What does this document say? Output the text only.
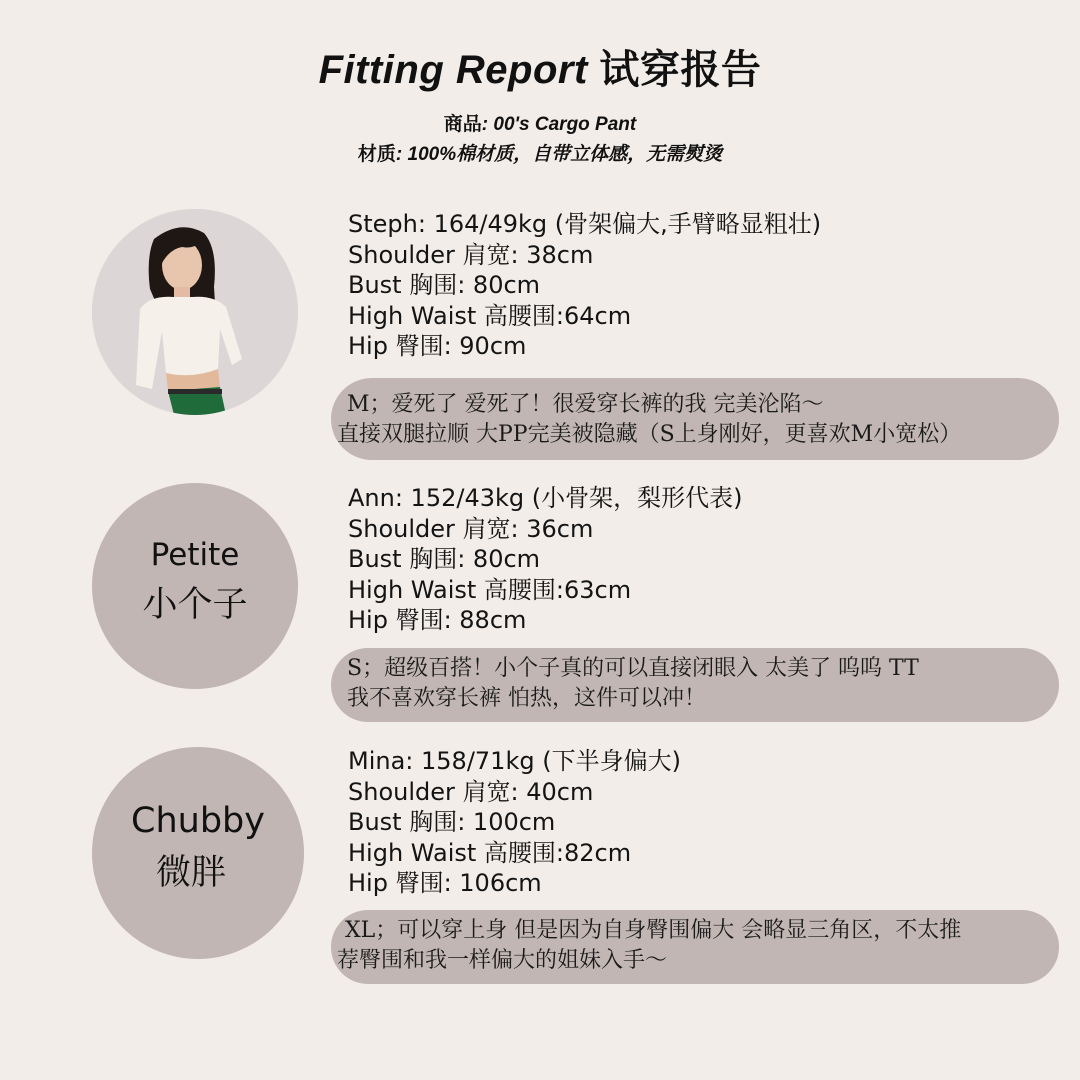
Fitting Report 试穿报告
商品: 00's Cargo Pant
材质: 100%棉材质，自带立体感，无需熨烫
Steph: 164/49kg (骨架偏大,手臂略显粗壮)
Shoulder 肩宽: 38cm
Bust 胸围: 80cm
High Waist 高腰围:64cm
Hip 臀围: 90cm
M；爱死了 爱死了！很爱穿长裤的我 完美沦陷～
直接双腿拉顺 大PP完美被隐藏（S上身刚好，更喜欢M小宽松）
Petite
小个子
Ann: 152/43kg (小骨架，梨形代表)
Shoulder 肩宽: 36cm
Bust 胸围: 80cm
High Waist 高腰围:63cm
Hip 臀围: 88cm
S；超级百搭！小个子真的可以直接闭眼入 太美了 呜呜 TT
我不喜欢穿长裤 怕热，这件可以冲！
Chubby
微胖
Mina: 158/71kg (下半身偏大)
Shoulder 肩宽: 40cm
Bust 胸围: 100cm
High Waist 高腰围:82cm
Hip 臀围: 106cm
XL；可以穿上身 但是因为自身臀围偏大 会略显三角区，不太推
荐臀围和我一样偏大的姐妹入手～
